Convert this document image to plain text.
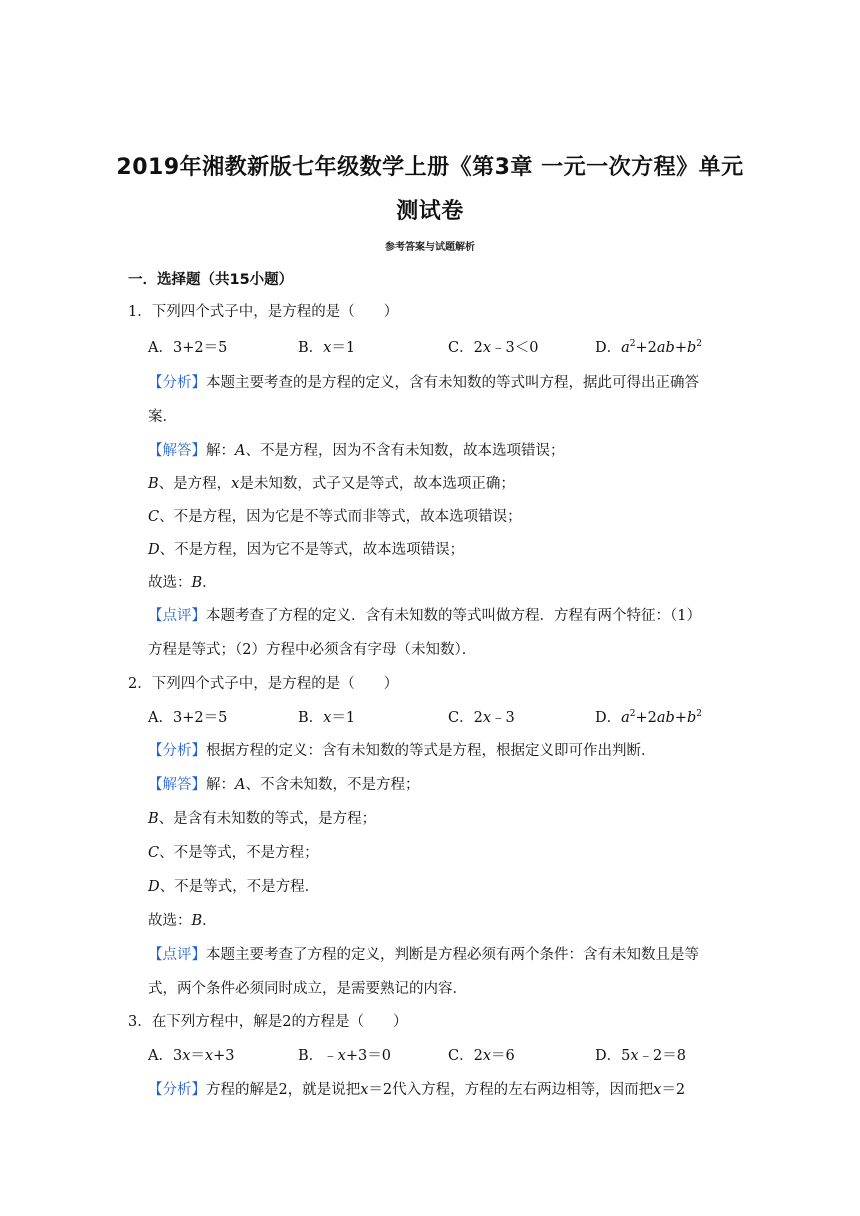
2019年湘教新版七年级数学上册《第3章 一元一次方程》单元
测试卷
参考答案与试题解析
一．选择题（共15小题）
1．下列四个式子中，是方程的是（　　）
A．3+2＝5	B．x＝1	C．2x﹣3＜0	D．$a^2+2ab+b^2$
【分析】本题主要考查的是方程的定义，含有未知数的等式叫方程，据此可得出正确答
案．
【解答】解：A、不是方程，因为不含有未知数，故本选项错误；
B、是方程，x是未知数，式子又是等式，故本选项正确；
C、不是方程，因为它是不等式而非等式，故本选项错误；
D、不是方程，因为它不是等式，故本选项错误；
故选：B．
【点评】本题考查了方程的定义．含有未知数的等式叫做方程．方程有两个特征：（1）
方程是等式；（2）方程中必须含有字母（未知数）．
2．下列四个式子中，是方程的是（　　）
A．3+2＝5	B．x＝1	C．2x﹣3	D．$a^2+2ab+b^2$
【分析】根据方程的定义：含有未知数的等式是方程，根据定义即可作出判断．
【解答】解：A、不含未知数，不是方程；
B、是含有未知数的等式，是方程；
C、不是等式，不是方程；
D、不是等式，不是方程．
故选：B．
【点评】本题主要考查了方程的定义，判断是方程必须有两个条件：含有未知数且是等
式，两个条件必须同时成立，是需要熟记的内容．
3．在下列方程中，解是2的方程是（　　）
A．3x＝x+3	B．﹣x+3＝0	C．2x＝6	D．5x﹣2＝8
【分析】方程的解是2，就是说把x＝2代入方程，方程的左右两边相等，因而把x＝2
